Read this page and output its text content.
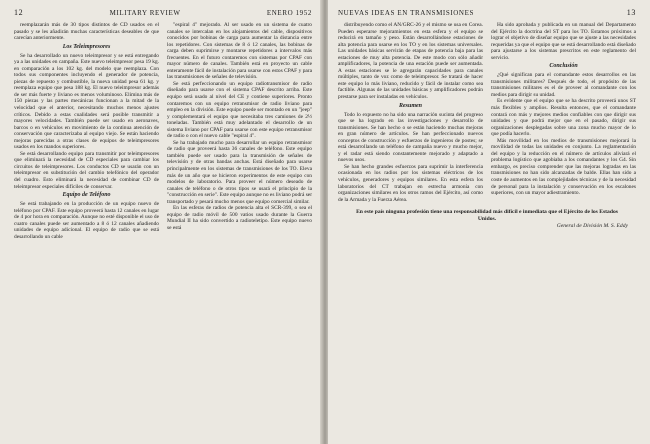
12	MILITARY REVIEW	ENERO 1952

reemplazarán más de 30 tipos distintos de CD usados en el pasado y se les añadirán muchas características deseables de que carecían anteriormente.

Los Teleimpresores

Se ha desarrollado un nuevo teleimpresor y se está entregando ya a las unidades en campaña. Este nuevo teleimpresor pesa 19 kg. en comparación a los 102 kg. del modelo que reemplaza. Con todos sus componentes incluyendo el generador de potencia, piezas de repuesto y combustible, la nueva unidad pesa 61 kg. y reemplaza equipo que pesa 188 kg. El nuevo teleimpresor además de ser más fuerte y liviano es menos voluminoso. Elimina más de 150 piezas y las partes mecánicas funcionan a la mitad de la velocidad que el anterior, necesitando muchos menos ajustes críticos. Debido a estas cualidades será posible transmitir a mayores velocidades. También puede ser usado en aeronaves, barcos o en vehículos en movimiento de la continua atención de conservación que caracterizaba al equipo viejo. Se están haciendo mejoras parecidas a otras clases de equipos de teleimpresores usados en los mandos superiores.

Se está desarrollando equipo para transmitir por teleimpresores que eliminará la necesidad de CD especiales para cambiar los circuitos de teleimpresores. Los conductos CD se usarán con un teleimpresor en substitución del cambio telefónico del operador del cuadro. Esto eliminará la necesidad de combinar CD de teleimpresor especiales difíciles de conservar.

Equipo de Teléfono

Se está trabajando en la producción de un equipo nuevo de teléfono por CPAF. Este equipo proveerá hasta 12 canales en lugar de 4 por hora en comparación. Aunque no esté disponible el uso de cuatro canales puede ser aumentado a 8 ó 12 canales añadiendo unidades de equipo adicional. El equipo de radio que se está desarrollando un cable

"espiral 4" mejorado. Al ser usado en un sistema de cuatro canales se intercalan en los alojamientos del cable, dispositivos conocidos por bobinas de carga para aumentar la distancia entre los repetidores. Con sistemas de 8 ó 12 canales, las bobinas de carga deben suprimirse y montarse repetidores a intervalos más frecuentes. En el futuro contaremos con sistemas por CPAF con mayor número de canales. También está en proyecto un cable enteramente fácil de instalación para usarse con estos CPAF y para las transmisiones de señales de televisión.

Se está perfeccionando un equipo radiotransmisor de radio diseñado para usarse con el sistema CPAF descrito arriba. Este equipo será usado al nivel del CE y contiene superiores. Pronto contaremos con un equipo retransmisor de radio liviano para empleo en la división. Este equipo puede ser montado en un "jeep" y complementará el equipo que necesitaba tres camiones de 2½ toneladas. También está muy adelantado el desarrollo de un sistema liviano por CPAF para usarse con este equipo retransmisor de radio o con el nuevo cable "espiral 4".

Se ha trabajado mucho para desarrollar un equipo retransmisor de radio que proveerá hasta 36 canales de teléfono. Este equipo también puede ser usado para la transmisión de señales de televisión y de otras bandas anchas. Está diseñado para usarse principalmente en los sistemas de transmisiones de los TO. Eleva más de un año que se hicieron experimentos de este equipo con modelos de laboratorio. Para proveer el número deseado de canales de teléfono o de otros tipos se usará el principio de la "construcción en serie". Este equipo aunque no es liviano podrá ser transportado y pesará mucho menos que equipo comercial similar.

En las esferas de radios de potencia alta el SCR-399, o sea el equipo de radio móvil de 500 vatios usado durante la Guerra Mundial II ha sido convertido a radioteletipo. Este equipo nuevo se está

NUEVAS IDEAS EN TRANSMISIONES	13

distribuyendo como el AN/GRC-26 y el mismo se usa en Corea. Pueden esperarse mejoramientos en esta esfera y el equipo se reducirá en tamaño y peso. Están desarrollándose estaciones de alta potencia para usarse en los TO y en los sistemas universales. Las unidades básicas servirán de etapas de potencia baja para las estaciones de muy alta potencia. De este modo con sólo añadir amplificadores, la potencia de una estación puede ser aumentada. A estas estaciones se le agregarán capacidades para canales múltiples, tanto de voz como de teleimpresor. Se tratará de hacer este equipo lo más liviano, reducido y fácil de instalar como sea factible. Algunas de las unidades básicas y amplificadores podrán prestarse para ser instaladas en vehículos.

Resumen

Todo lo expuesto no ha sido una narración sucinta del progreso que se ha logrado en las investigaciones y desarrollo de transmisiones. Se han hecho o se están haciendo muchas mejoras en gran número de artículos. Se han perfeccionado nuevos conceptos de construcción y esfuerzos de ingenieros de postes; se está desarrollando un teléfono de campaña nuevo y mucho mejor, y el radar está siendo constantemente mejorado y adaptado a nuevos usos.

Se han hecho grandes esfuerzos para suprimir la interferencia ocasionada en los radios por los sistemas eléctricos de los vehículos, generadores y equipos similares. En esta esfera los laboratorios del CT trabajan en estrecha armonía con organizaciones similares en los otros ramos del Ejército, así como de la Armada y la Fuerza Aérea.

Ha sido aprobada y publicada en un manual del Departamento del Ejército la doctrina del ST para los TO. Estamos próximos a lograr el objetivo de diseñar equipo que se ajuste a las necesidades requeridas ya que el equipo que se está desarrollando está diseñado para ajustarse a los sistemas prescritos en este reglamento del servicio.

Conclusión

¿Qué significan para el comandante estos desarrollos en las transmisiones militares? Después de todo, el propósito de las transmisiones militares es el de proveer al comandante con los medios para dirigir su unidad.

Es evidente que el equipo que se ha descrito proveerá unos ST más flexibles y amplios. Resulta entonces, que el comandante contará con más y mejores medios confiables con que dirigir sus unidades y que podrá mejor que en el pasado, dirigir sus organizaciones desplegadas sobre una zona mucho mayor de lo que podía hacerlo.

Más movilidad en los medios de transmisiones mejorará la movilidad de todas las unidades en conjunto. La reglamentación del equipo y la reducción en el número de artículos aliviará el problema logístico que agobiaba a los comandantes y los G4. Sin embargo, es preciso comprender que las mejoras logradas en las transmisiones no han sido alcanzadas de balde. Ellas han sido a coste de aumentos en las complejidades técnicas y de la necesidad de personal para la instalación y conservación en los escalones superiores, con un mayor adiestramiento.

En este país ninguna profesión tiene una responsabilidad más difícil e inmediata que el Ejército de los Estados Unidos.
General de División M. S. Eddy
